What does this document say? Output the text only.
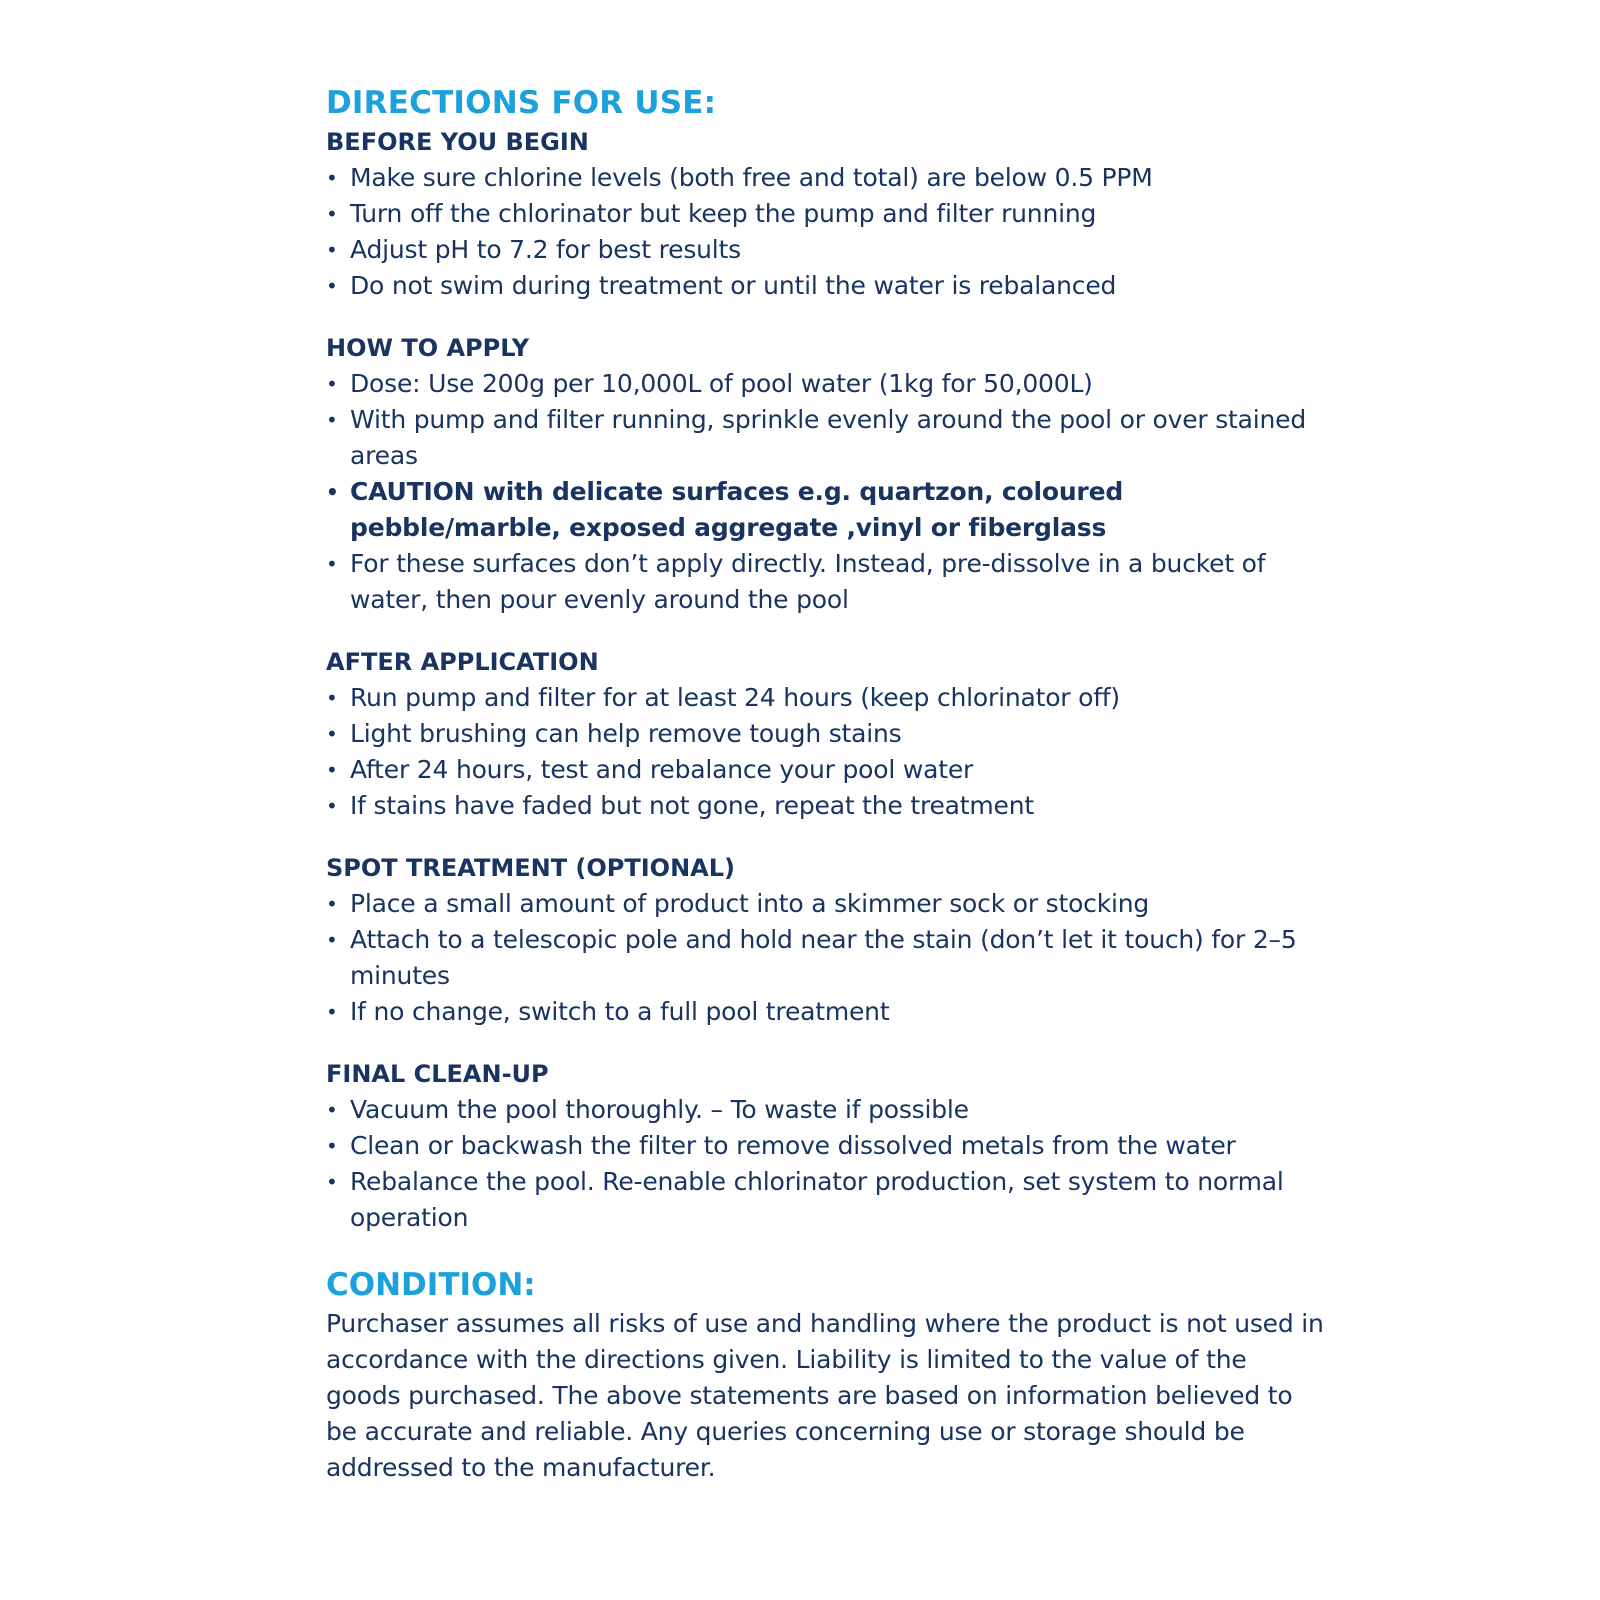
DIRECTIONS FOR USE:
BEFORE YOU BEGIN
• Make sure chlorine levels (both free and total) are below 0.5 PPM
• Turn off the chlorinator but keep the pump and filter running
• Adjust pH to 7.2 for best results
• Do not swim during treatment or until the water is rebalanced
HOW TO APPLY
• Dose: Use 200g per 10,000L of pool water (1kg for 50,000L)
• With pump and filter running, sprinkle evenly around the pool or over stained areas
• CAUTION with delicate surfaces e.g. quartzon, coloured pebble/marble, exposed aggregate ,vinyl or fiberglass
• For these surfaces don’t apply directly. Instead, pre-dissolve in a bucket of water, then pour evenly around the pool
AFTER APPLICATION
• Run pump and filter for at least 24 hours (keep chlorinator off)
• Light brushing can help remove tough stains
• After 24 hours, test and rebalance your pool water
• If stains have faded but not gone, repeat the treatment
SPOT TREATMENT (OPTIONAL)
• Place a small amount of product into a skimmer sock or stocking
• Attach to a telescopic pole and hold near the stain (don’t let it touch) for 2–5 minutes
• If no change, switch to a full pool treatment
FINAL CLEAN-UP
• Vacuum the pool thoroughly. – To waste if possible
• Clean or backwash the filter to remove dissolved metals from the water
• Rebalance the pool. Re-enable chlorinator production, set system to normal operation
CONDITION:

Purchaser assumes all risks of use and handling where the product is not used in accordance with the directions given. Liability is limited to the value of the goods purchased. The above statements are based on information believed to be accurate and reliable. Any queries concerning use or storage should be addressed to the manufacturer.
